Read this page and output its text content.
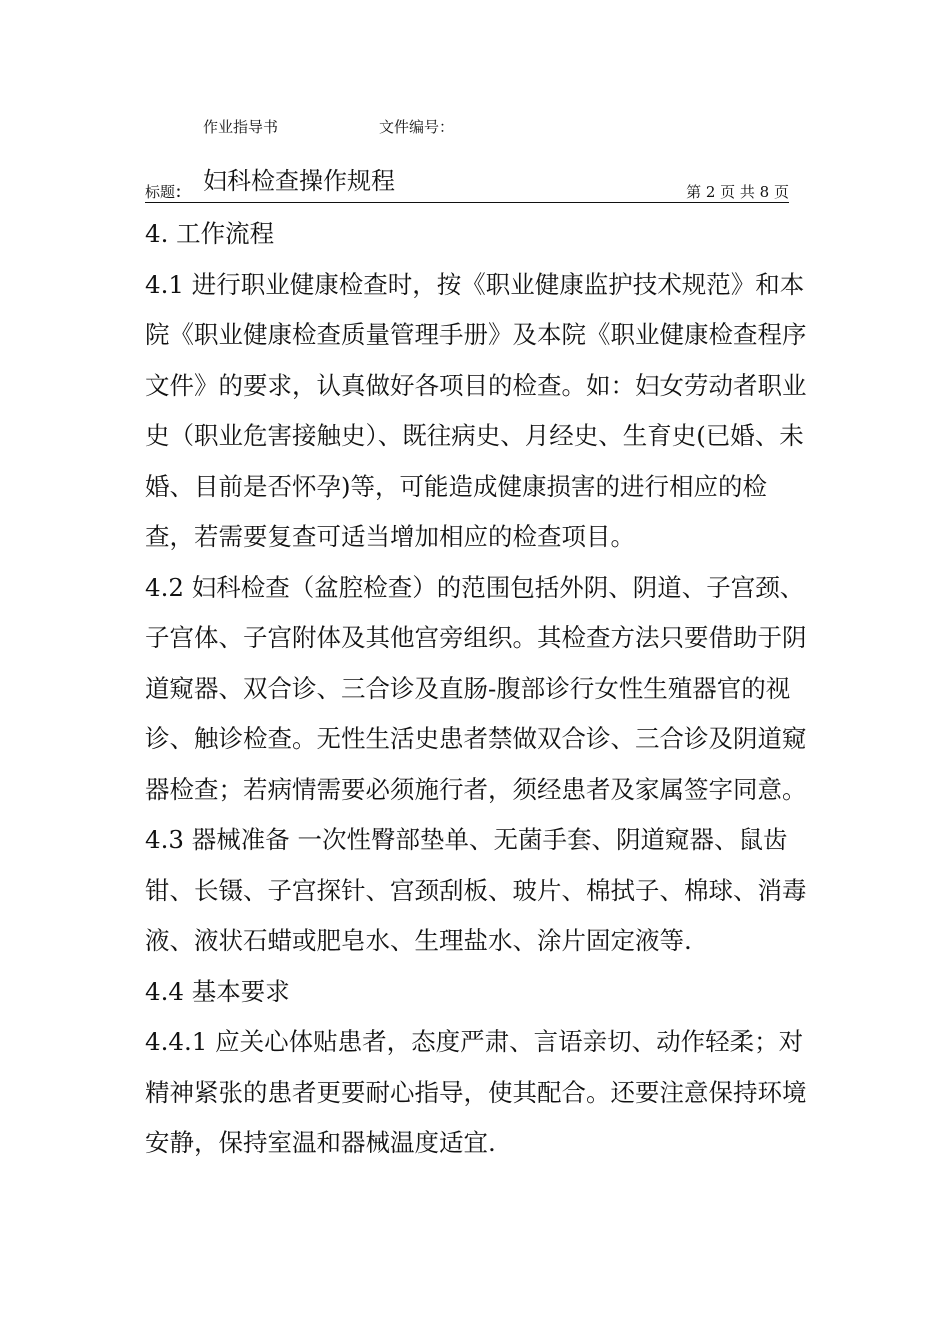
作业指导书	文件编号：
标题： 妇科检查操作规程	第 2 页 共 8 页

4. 工作流程

4.1 进行职业健康检查时，按《职业健康监护技术规范》和本院《职业健康检查质量管理手册》及本院《职业健康检查程序文件》的要求，认真做好各项目的检查。如：妇女劳动者职业史（职业危害接触史）、既往病史、月经史、生育史(已婚、未婚、目前是否怀孕)等，可能造成健康损害的进行相应的检查，若需要复查可适当增加相应的检查项目。

4.2 妇科检查（盆腔检查）的范围包括外阴、阴道、子宫颈、子宫体、子宫附体及其他宫旁组织。其检查方法只要借助于阴道窥器、双合诊、三合诊及直肠-腹部诊行女性生殖器官的视诊、触诊检查。无性生活史患者禁做双合诊、三合诊及阴道窥器检查；若病情需要必须施行者，须经患者及家属签字同意。

4.3 器械准备 一次性臀部垫单、无菌手套、阴道窥器、鼠齿钳、长镊、子宫探针、宫颈刮板、玻片、棉拭子、棉球、消毒液、液状石蜡或肥皂水、生理盐水、涂片固定液等.

4.4 基本要求

4.4.1 应关心体贴患者，态度严肃、言语亲切、动作轻柔；对精神紧张的患者更要耐心指导，使其配合。还要注意保持环境安静，保持室温和器械温度适宜.
